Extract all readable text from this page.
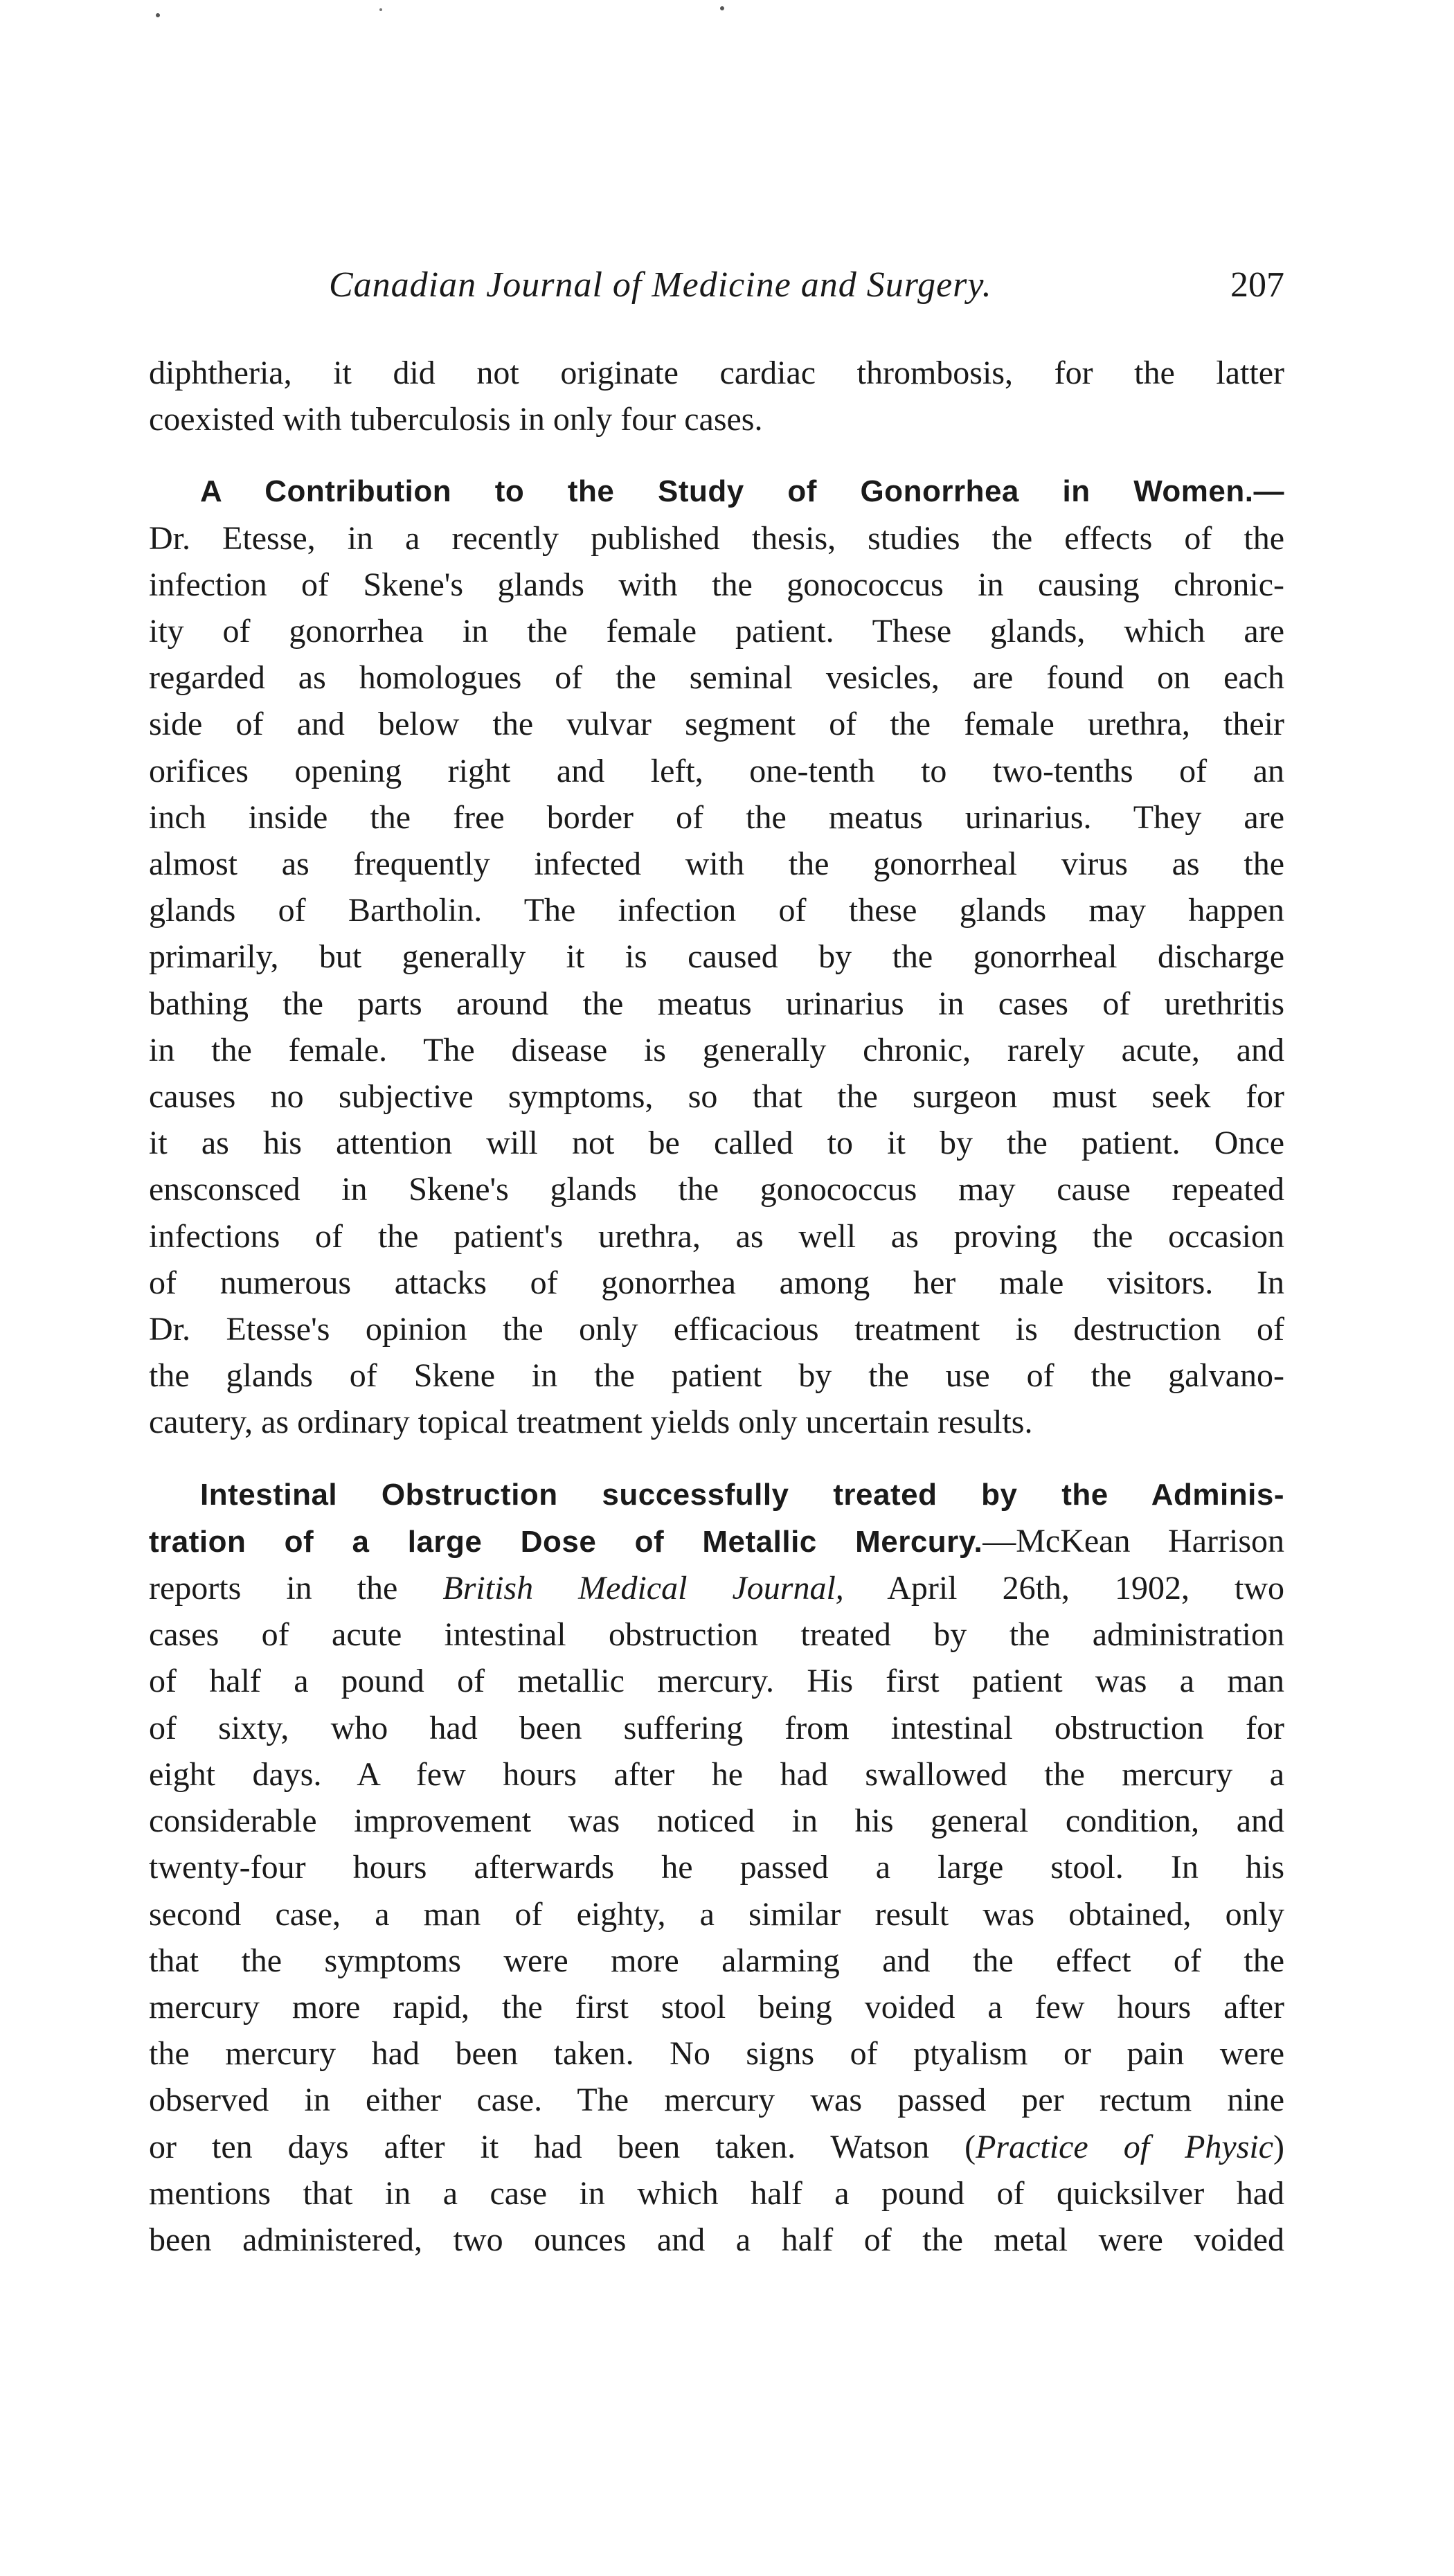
Canadian Journal of Medicine and Surgery.	207

diphtheria, it did not originate cardiac thrombosis, for the latter
coexisted with tuberculosis in only four cases.

A Contribution to the Study of Gonorrhea in Women.—
Dr. Etesse, in a recently published thesis, studies the effects of the
infection of Skene's glands with the gonococcus in causing chronic-
ity of gonorrhea in the female patient. These glands, which are
regarded as homologues of the seminal vesicles, are found on each
side of and below the vulvar segment of the female urethra, their
orifices opening right and left, one-tenth to two-tenths of an
inch inside the free border of the meatus urinarius. They are
almost as frequently infected with the gonorrheal virus as the
glands of Bartholin. The infection of these glands may happen
primarily, but generally it is caused by the gonorrheal discharge
bathing the parts around the meatus urinarius in cases of urethritis
in the female. The disease is generally chronic, rarely acute, and
causes no subjective symptoms, so that the surgeon must seek for
it as his attention will not be called to it by the patient. Once
ensconsced in Skene's glands the gonococcus may cause repeated
infections of the patient's urethra, as well as proving the occasion
of numerous attacks of gonorrhea among her male visitors. In
Dr. Etesse's opinion the only efficacious treatment is destruction of
the glands of Skene in the patient by the use of the galvano-
cautery, as ordinary topical treatment yields only uncertain results.

Intestinal Obstruction successfully treated by the Adminis-
tration of a large Dose of Metallic Mercury.—McKean Harrison
reports in the British Medical Journal, April 26th, 1902, two
cases of acute intestinal obstruction treated by the administration
of half a pound of metallic mercury. His first patient was a man
of sixty, who had been suffering from intestinal obstruction for
eight days. A few hours after he had swallowed the mercury a
considerable improvement was noticed in his general condition, and
twenty-four hours afterwards he passed a large stool. In his
second case, a man of eighty, a similar result was obtained, only
that the symptoms were more alarming and the effect of the
mercury more rapid, the first stool being voided a few hours after
the mercury had been taken. No signs of ptyalism or pain were
observed in either case. The mercury was passed per rectum nine
or ten days after it had been taken. Watson (Practice of Physic)
mentions that in a case in which half a pound of quicksilver had
been administered, two ounces and a half of the metal were voided
